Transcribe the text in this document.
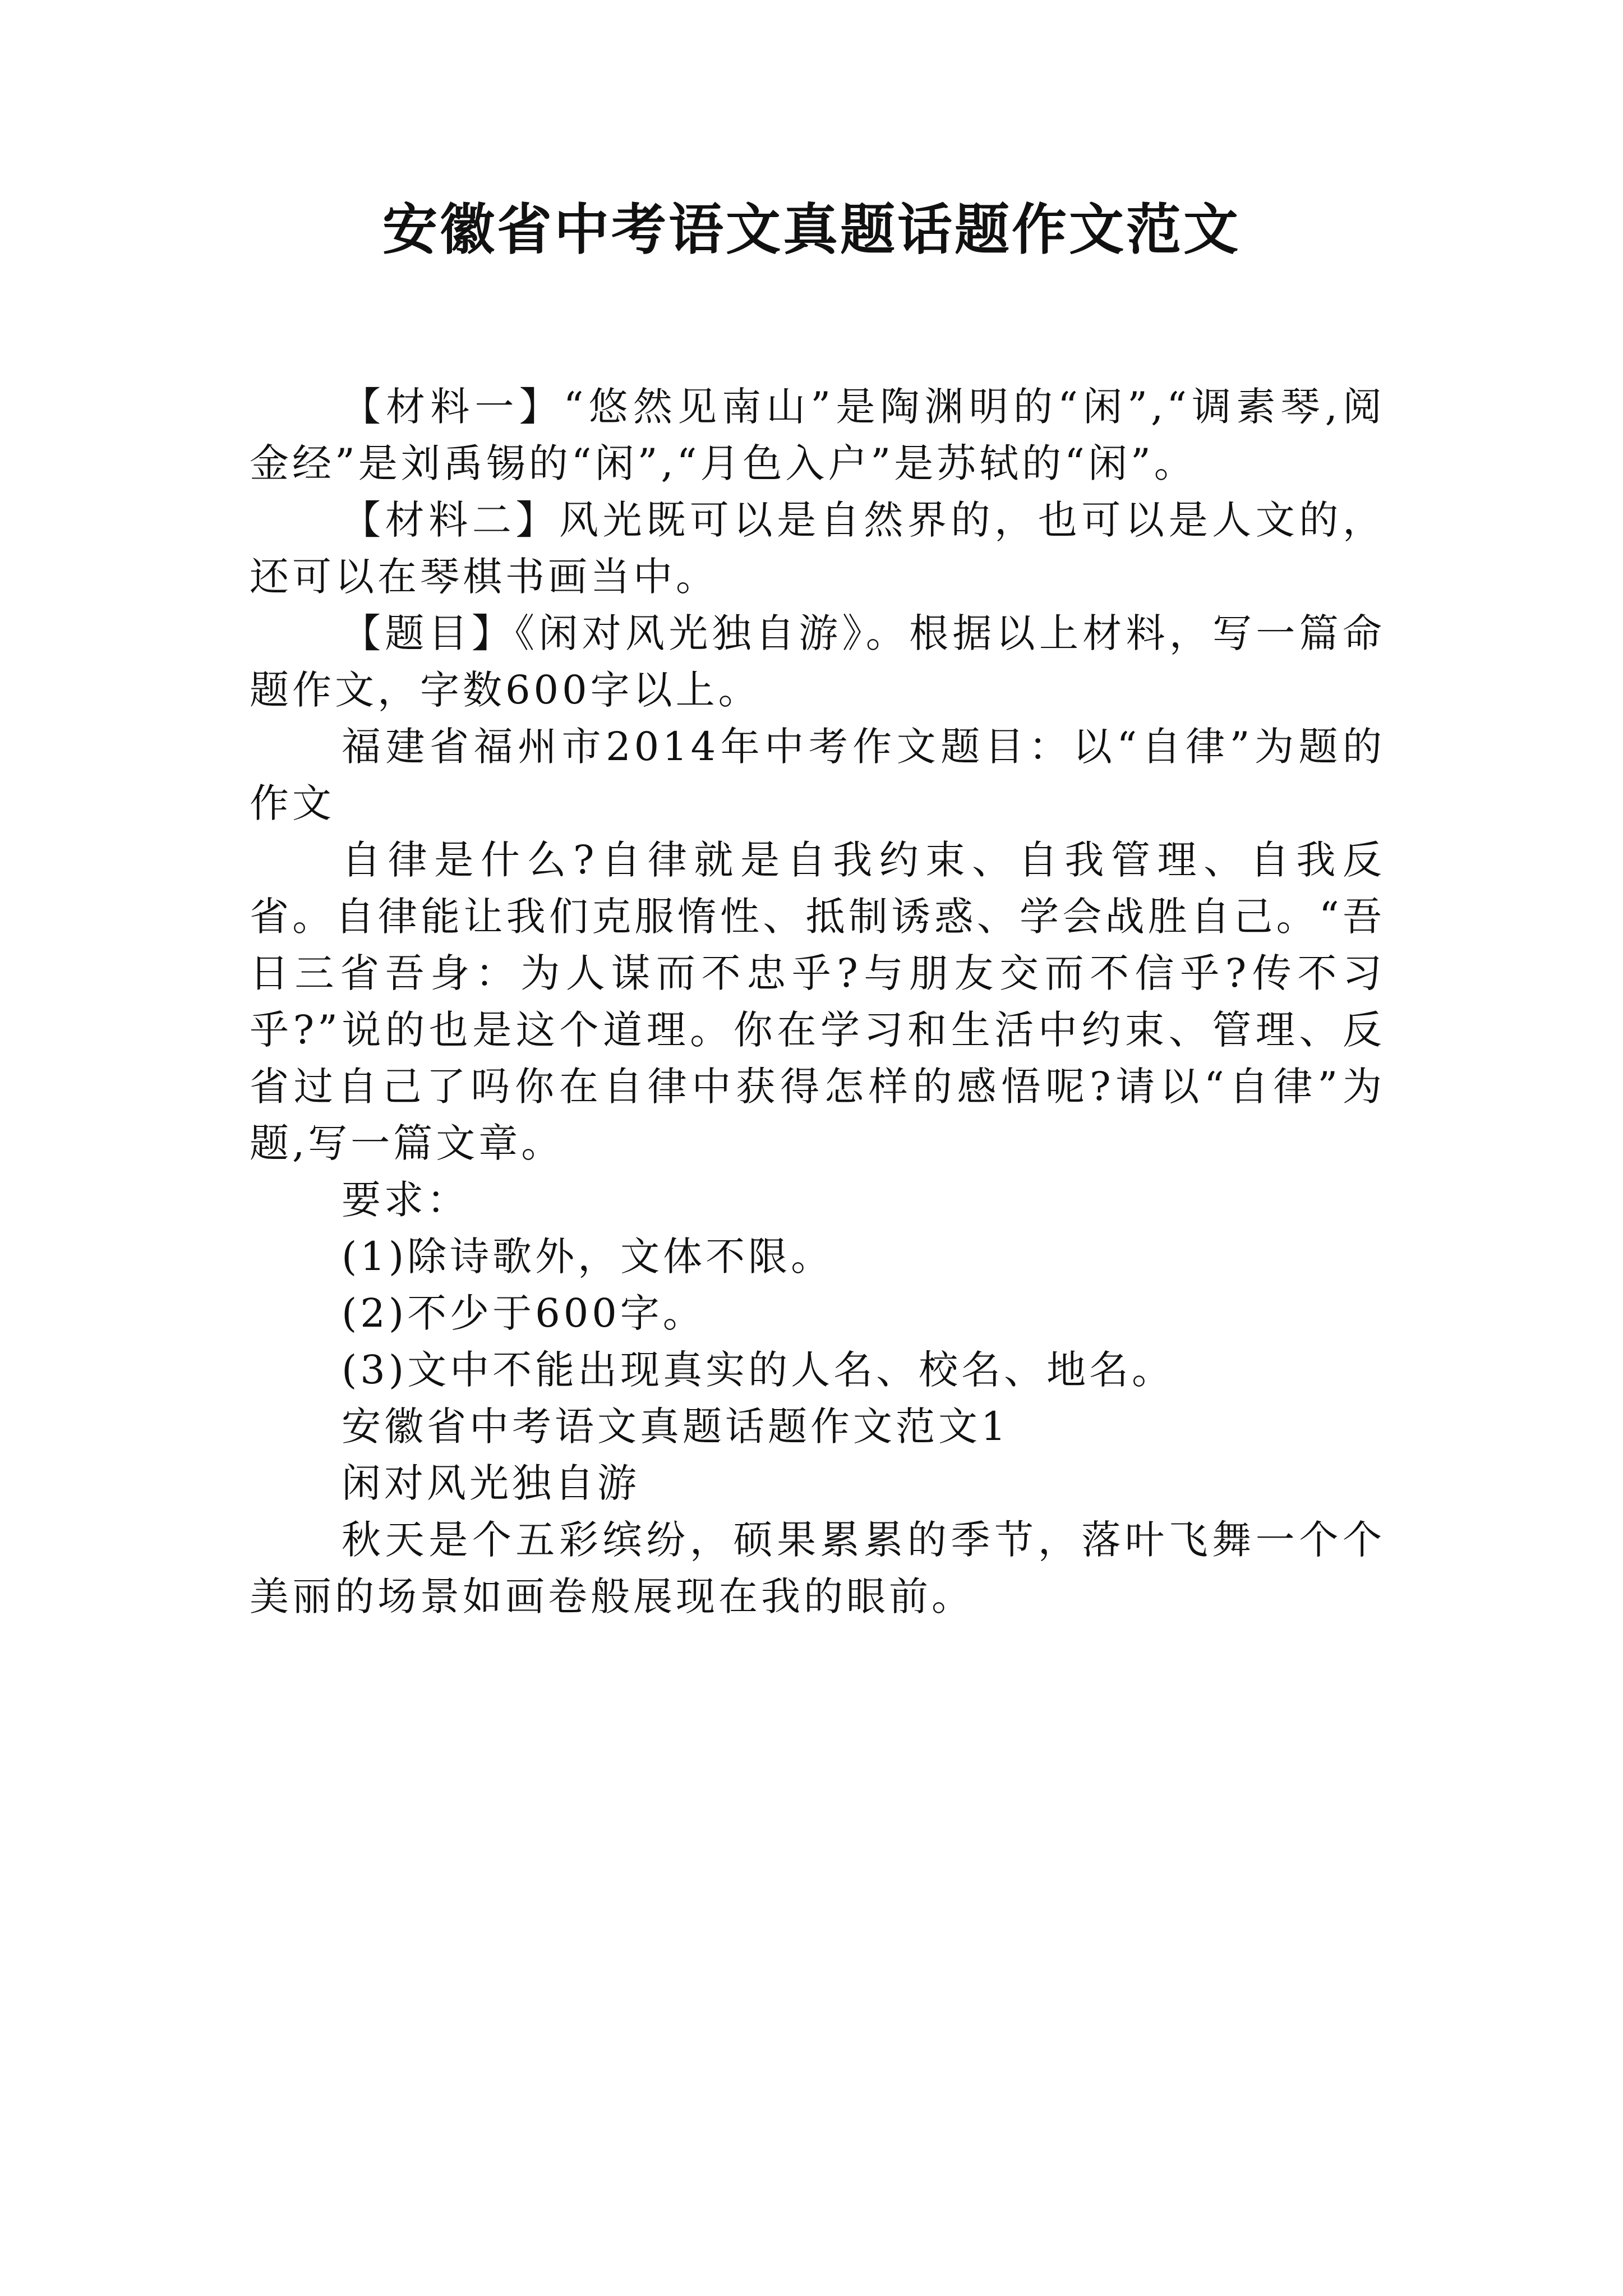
安徽省中考语文真题话题作文范文

【材料一】“悠然见南山”是陶渊明的“闲”,“调素琴,阅金经”是刘禹锡的“闲”,“月色入户”是苏轼的“闲”。

【材料二】风光既可以是自然界的，也可以是人文的，还可以在琴棋书画当中。

【题目】《闲对风光独自游》。根据以上材料，写一篇命题作文，字数600字以上。

福建省福州市2014年中考作文题目：以“自律”为题的作文

自律是什么?自律就是自我约束、自我管理、自我反省。自律能让我们克服惰性、抵制诱惑、学会战胜自己。“吾日三省吾身：为人谋而不忠乎?与朋友交而不信乎?传不习乎?”说的也是这个道理。你在学习和生活中约束、管理、反省过自己了吗你在自律中获得怎样的感悟呢?请以“自律”为题,写一篇文章。

要求：

(1)除诗歌外，文体不限。

(2)不少于600字。

(3)文中不能出现真实的人名、校名、地名。

安徽省中考语文真题话题作文范文1

闲对风光独自游

秋天是个五彩缤纷，硕果累累的季节，落叶飞舞一个个美丽的场景如画卷般展现在我的眼前。
